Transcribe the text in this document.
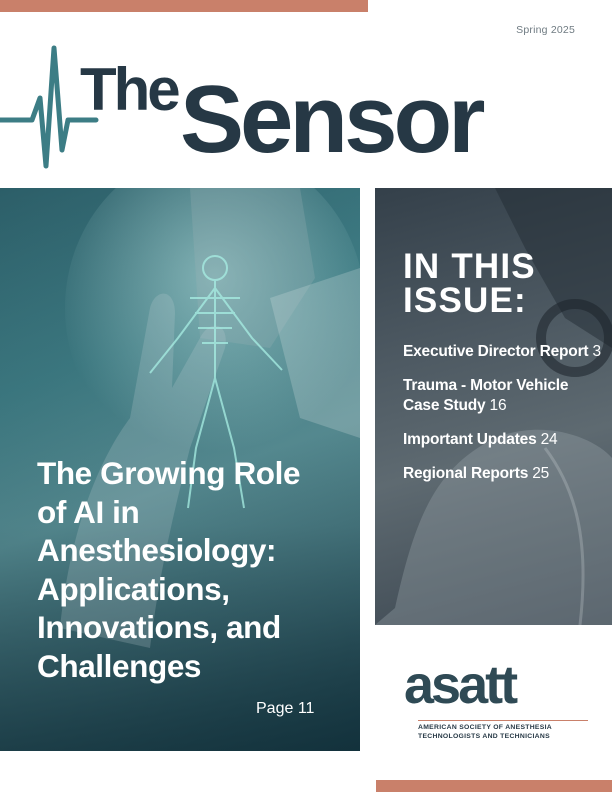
Spring 2025
The Sensor
The Growing Role of AI in Anesthesiology: Applications, Innovations, and Challenges
Page 11
IN THIS ISSUE:
Executive Director Report 3
Trauma - Motor Vehicle Case Study 16
Important Updates 24
Regional Reports 25
asatt
AMERICAN SOCIETY OF ANESTHESIA TECHNOLOGISTS AND TECHNICIANS
